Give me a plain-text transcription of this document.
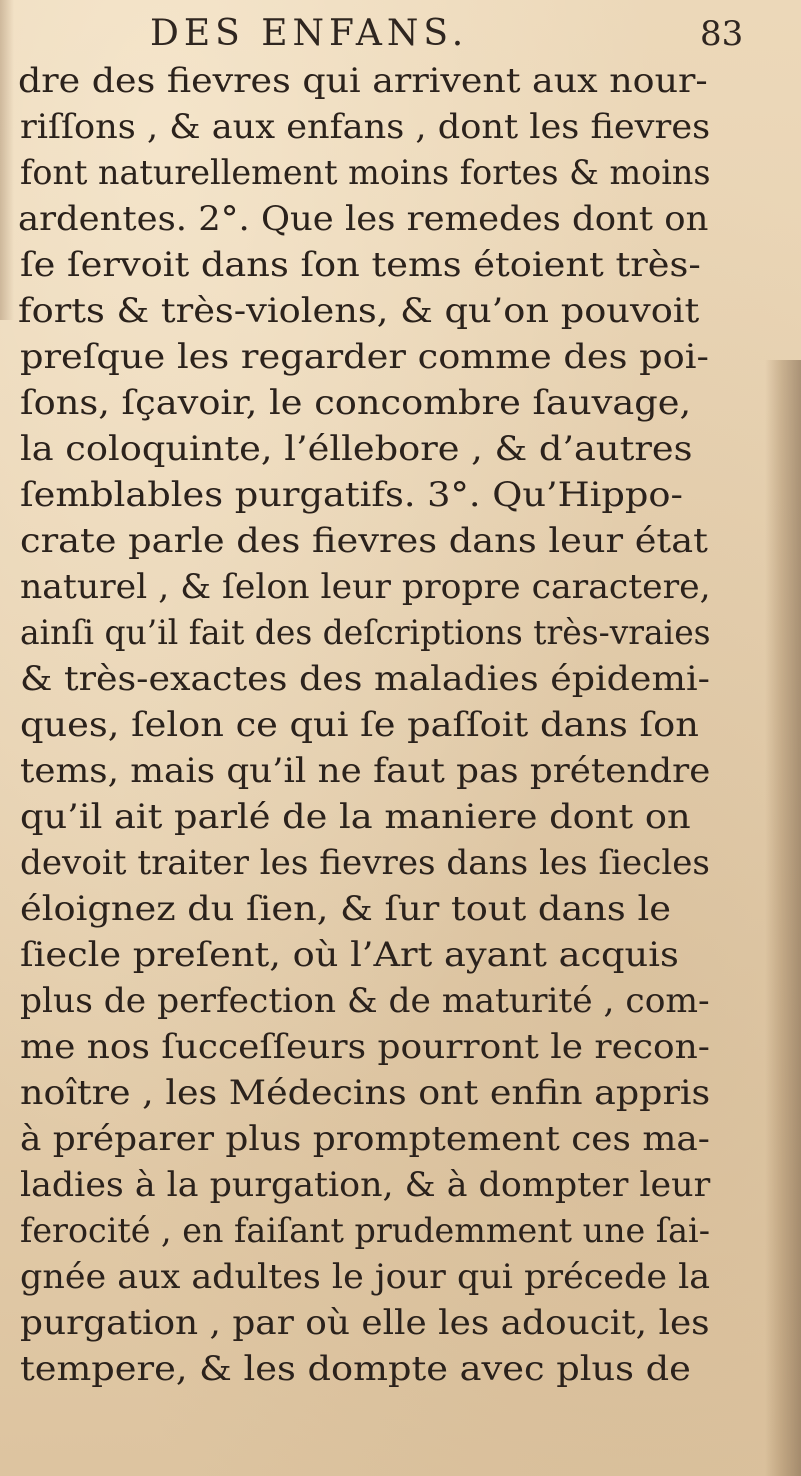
DES ENFANS.	83
dre des fievres qui arrivent aux nour-
riſſons , & aux enfans , dont les fievres
font naturellement moins fortes & moins
ardentes. 2°. Que les remedes dont on
ſe ſervoit dans ſon tems étoient très-
forts & très-violens, & qu’on pouvoit
preſque les regarder comme des poi-
ſons, ſçavoir, le concombre ſauvage,
la coloquinte, l’éllebore , & d’autres
ſemblables purgatifs. 3°. Qu’Hippo-
crate parle des fievres dans leur état
naturel , & ſelon leur propre caractere,
ainſi qu’il fait des deſcriptions très-vraies
& très-exactes des maladies épidemi-
ques, ſelon ce qui ſe paſſoit dans ſon
tems, mais qu’il ne faut pas prétendre
qu’il ait parlé de la maniere dont on
devoit traiter les fievres dans les ſiecles
éloignez du ſien, & ſur tout dans le
ſiecle preſent, où l’Art ayant acquis
plus de perfection & de maturité , com-
me nos ſucceſſeurs pourront le recon-
noître , les Médecins ont enfin appris
à préparer plus promptement ces ma-
ladies à la purgation, & à dompter leur
ferocité , en faiſant prudemment une ſai-
gnée aux adultes le jour qui précede la
purgation , par où elle les adoucit, les
tempere, & les dompte avec plus de
